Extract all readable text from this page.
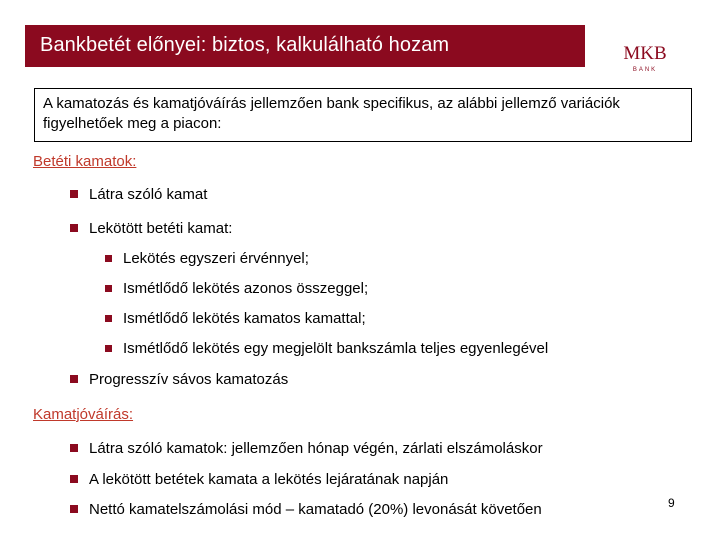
Bankbetét előnyei: biztos, kalkulálható hozam	MKB
BANK
A kamatozás és kamatjóváírás jellemzően bank specifikus, az alábbi jellemző variációk figyelhetőek meg a piacon:
Betéti kamatok:
Látra szóló kamat
Lekötött betéti kamat:
Lekötés egyszeri érvénnyel;
Ismétlődő lekötés azonos összeggel;
Ismétlődő lekötés kamatos kamattal;
Ismétlődő lekötés egy megjelölt bankszámla teljes egyenlegével
Progresszív sávos kamatozás
Kamatjóváírás:
Látra szóló kamatok: jellemzően hónap végén, zárlati elszámoláskor
A lekötött betétek kamata a lekötés lejáratának napján
Nettó kamatelszámolási mód – kamatadó (20%) levonását követően	9
